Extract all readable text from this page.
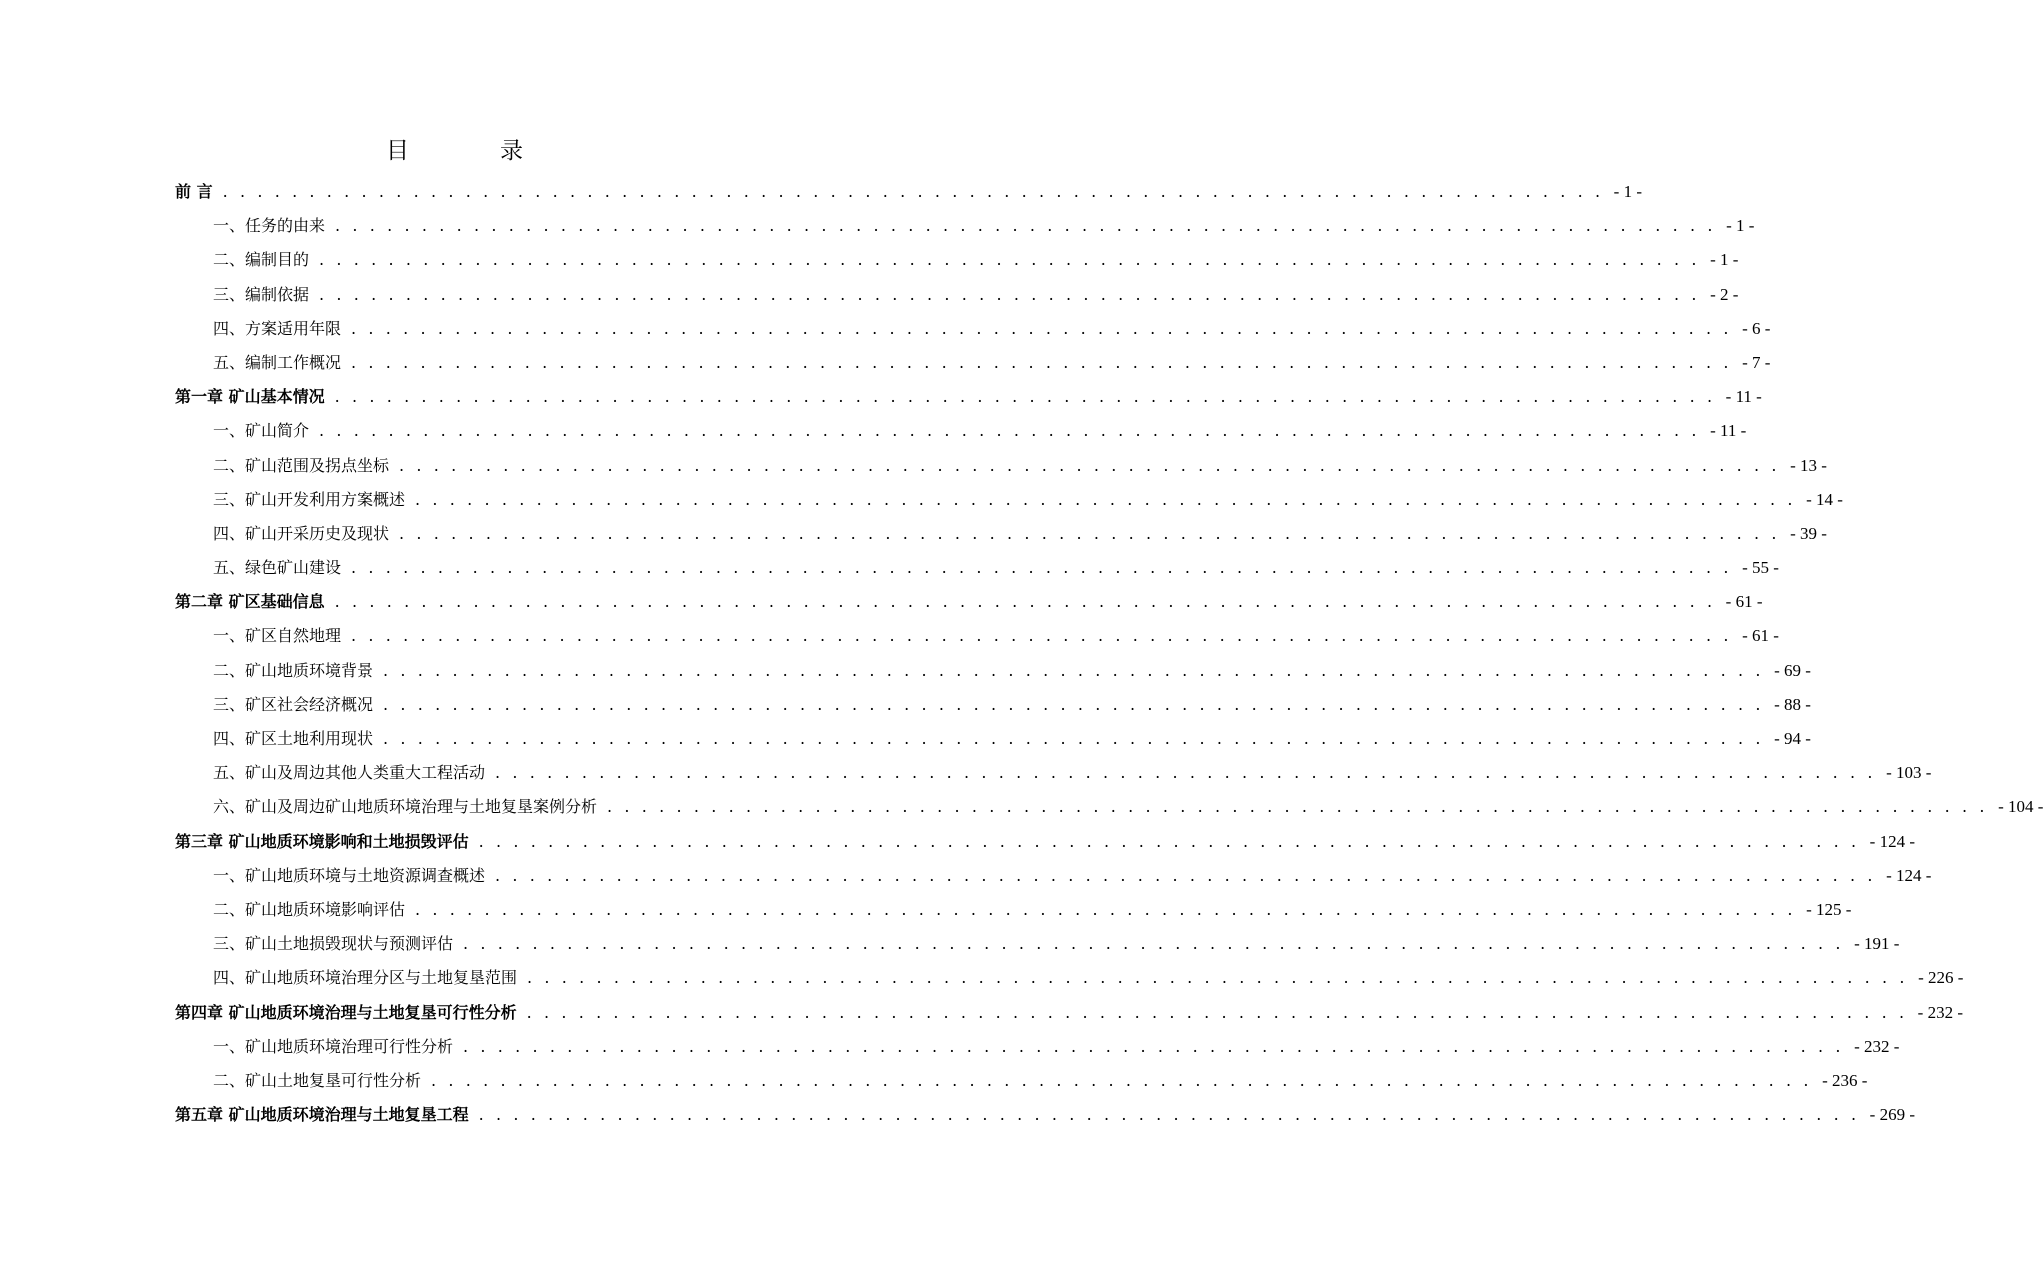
目　录
前 言 . . . . . . . . . . . . . . . . . . . . . . . . . . . . . . . . . . . . . . . . . . . . . . . . . . . . . . . . . . . . . . . . . . . . . . . . . . . . . . . . - 1 -
一、任务的由来 . . . . . . . . . . . . . . . . . . . . . . . . . . . . . . . . . . . . . . . . . . . . . . . . . . . . . . . . . . . . . . . . . . . . . . . . . . . . . . . . - 1 -
二、编制目的 . . . . . . . . . . . . . . . . . . . . . . . . . . . . . . . . . . . . . . . . . . . . . . . . . . . . . . . . . . . . . . . . . . . . . . . . . . . . . . . . - 1 -
三、编制依据 . . . . . . . . . . . . . . . . . . . . . . . . . . . . . . . . . . . . . . . . . . . . . . . . . . . . . . . . . . . . . . . . . . . . . . . . . . . . . . . . - 2 -
四、方案适用年限 . . . . . . . . . . . . . . . . . . . . . . . . . . . . . . . . . . . . . . . . . . . . . . . . . . . . . . . . . . . . . . . . . . . . . . . . . . . . . . . . - 6 -
五、编制工作概况 . . . . . . . . . . . . . . . . . . . . . . . . . . . . . . . . . . . . . . . . . . . . . . . . . . . . . . . . . . . . . . . . . . . . . . . . . . . . . . . . - 7 -
第一章 矿山基本情况 . . . . . . . . . . . . . . . . . . . . . . . . . . . . . . . . . . . . . . . . . . . . . . . . . . . . . . . . . . . . . . . . . . . . . . . . . . . . . . . . - 11 -
一、矿山简介 . . . . . . . . . . . . . . . . . . . . . . . . . . . . . . . . . . . . . . . . . . . . . . . . . . . . . . . . . . . . . . . . . . . . . . . . . . . . . . . . - 11 -
二、矿山范围及拐点坐标 . . . . . . . . . . . . . . . . . . . . . . . . . . . . . . . . . . . . . . . . . . . . . . . . . . . . . . . . . . . . . . . . . . . . . . . . . . . . . . . . - 13 -
三、矿山开发利用方案概述 . . . . . . . . . . . . . . . . . . . . . . . . . . . . . . . . . . . . . . . . . . . . . . . . . . . . . . . . . . . . . . . . . . . . . . . . . . . . . . . . - 14 -
四、矿山开采历史及现状 . . . . . . . . . . . . . . . . . . . . . . . . . . . . . . . . . . . . . . . . . . . . . . . . . . . . . . . . . . . . . . . . . . . . . . . . . . . . . . . . - 39 -
五、绿色矿山建设 . . . . . . . . . . . . . . . . . . . . . . . . . . . . . . . . . . . . . . . . . . . . . . . . . . . . . . . . . . . . . . . . . . . . . . . . . . . . . . . . - 55 -
第二章 矿区基础信息 . . . . . . . . . . . . . . . . . . . . . . . . . . . . . . . . . . . . . . . . . . . . . . . . . . . . . . . . . . . . . . . . . . . . . . . . . . . . . . . . - 61 -
一、矿区自然地理 . . . . . . . . . . . . . . . . . . . . . . . . . . . . . . . . . . . . . . . . . . . . . . . . . . . . . . . . . . . . . . . . . . . . . . . . . . . . . . . . - 61 -
二、矿山地质环境背景 . . . . . . . . . . . . . . . . . . . . . . . . . . . . . . . . . . . . . . . . . . . . . . . . . . . . . . . . . . . . . . . . . . . . . . . . . . . . . . . . - 69 -
三、矿区社会经济概况 . . . . . . . . . . . . . . . . . . . . . . . . . . . . . . . . . . . . . . . . . . . . . . . . . . . . . . . . . . . . . . . . . . . . . . . . . . . . . . . . - 88 -
四、矿区土地利用现状 . . . . . . . . . . . . . . . . . . . . . . . . . . . . . . . . . . . . . . . . . . . . . . . . . . . . . . . . . . . . . . . . . . . . . . . . . . . . . . . . - 94 -
五、矿山及周边其他人类重大工程活动 . . . . . . . . . . . . . . . . . . . . . . . . . . . . . . . . . . . . . . . . . . . . . . . . . . . . . . . . . . . . . . . . . . . . . . . . . . . . . . . . - 103 -
六、矿山及周边矿山地质环境治理与土地复垦案例分析 . . . . . . . . . . . . . . . . . . . . . . . . . . . . . . . . . . . . . . . . . . . . . . . . . . . . . . . . . . . . . . . . . . . . . . . . . . . . . . . . - 104 -
第三章 矿山地质环境影响和土地损毁评估 . . . . . . . . . . . . . . . . . . . . . . . . . . . . . . . . . . . . . . . . . . . . . . . . . . . . . . . . . . . . . . . . . . . . . . . . . . . . . . . . - 124 -
一、矿山地质环境与土地资源调查概述 . . . . . . . . . . . . . . . . . . . . . . . . . . . . . . . . . . . . . . . . . . . . . . . . . . . . . . . . . . . . . . . . . . . . . . . . . . . . . . . . - 124 -
二、矿山地质环境影响评估 . . . . . . . . . . . . . . . . . . . . . . . . . . . . . . . . . . . . . . . . . . . . . . . . . . . . . . . . . . . . . . . . . . . . . . . . . . . . . . . . - 125 -
三、矿山土地损毁现状与预测评估 . . . . . . . . . . . . . . . . . . . . . . . . . . . . . . . . . . . . . . . . . . . . . . . . . . . . . . . . . . . . . . . . . . . . . . . . . . . . . . . . - 191 -
四、矿山地质环境治理分区与土地复垦范围 . . . . . . . . . . . . . . . . . . . . . . . . . . . . . . . . . . . . . . . . . . . . . . . . . . . . . . . . . . . . . . . . . . . . . . . . . . . . . . . . - 226 -
第四章 矿山地质环境治理与土地复垦可行性分析 . . . . . . . . . . . . . . . . . . . . . . . . . . . . . . . . . . . . . . . . . . . . . . . . . . . . . . . . . . . . . . . . . . . . . . . . . . . . . . . . - 232 -
一、矿山地质环境治理可行性分析 . . . . . . . . . . . . . . . . . . . . . . . . . . . . . . . . . . . . . . . . . . . . . . . . . . . . . . . . . . . . . . . . . . . . . . . . . . . . . . . . - 232 -
二、矿山土地复垦可行性分析 . . . . . . . . . . . . . . . . . . . . . . . . . . . . . . . . . . . . . . . . . . . . . . . . . . . . . . . . . . . . . . . . . . . . . . . . . . . . . . . . - 236 -
第五章 矿山地质环境治理与土地复垦工程 . . . . . . . . . . . . . . . . . . . . . . . . . . . . . . . . . . . . . . . . . . . . . . . . . . . . . . . . . . . . . . . . . . . . . . . . . . . . . . . . - 269 -
